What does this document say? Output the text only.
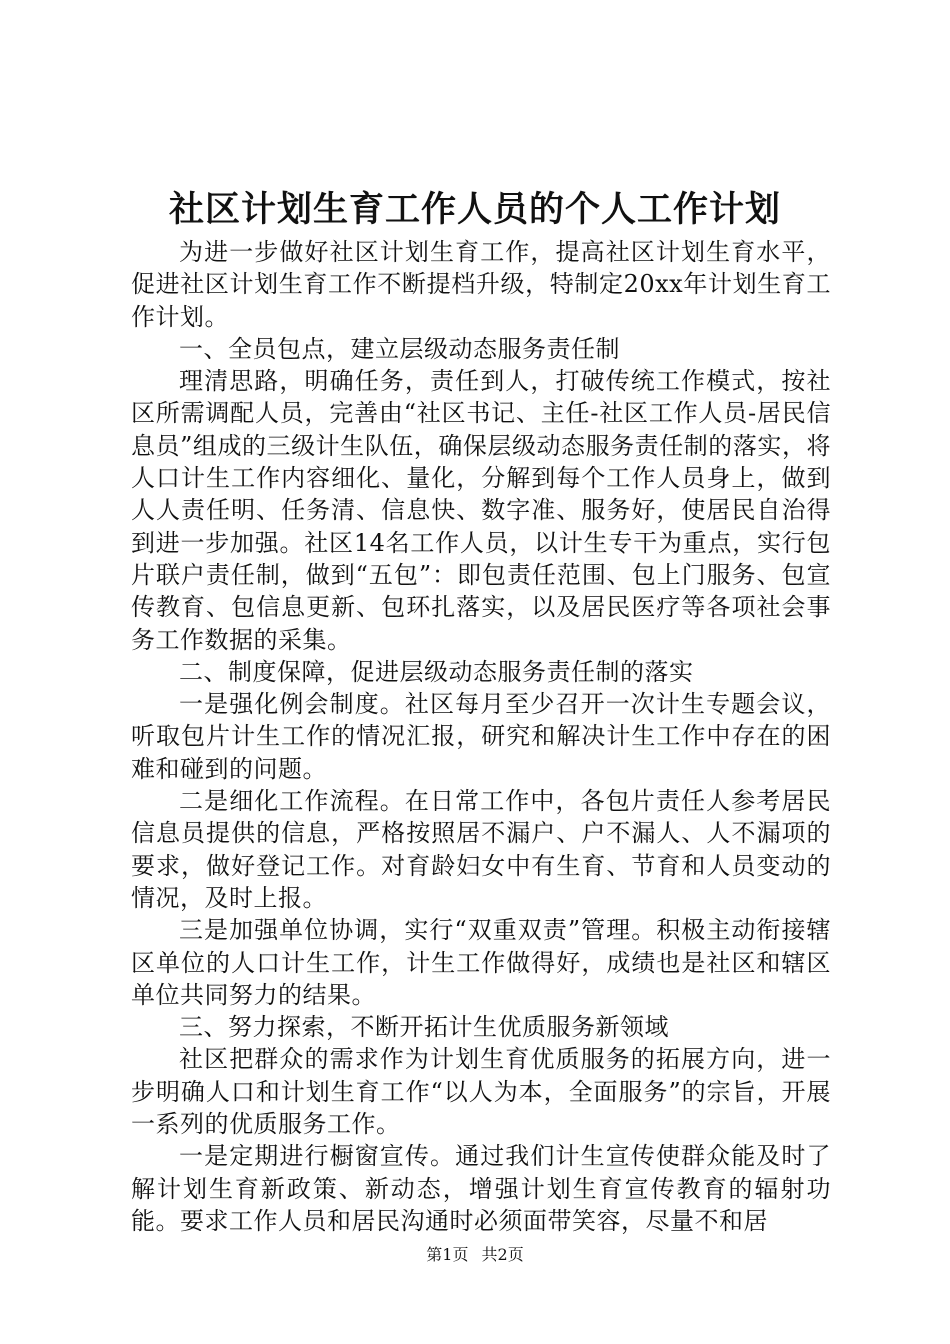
社区计划生育工作人员的个人工作计划

为进一步做好社区计划生育工作，提高社区计划生育水平，促进社区计划生育工作不断提档升级，特制定20xx年计划生育工作计划。

一、全员包点，建立层级动态服务责任制

理清思路，明确任务，责任到人，打破传统工作模式，按社区所需调配人员，完善由“社区书记、主任-社区工作人员-居民信息员”组成的三级计生队伍，确保层级动态服务责任制的落实，将人口计生工作内容细化、量化，分解到每个工作人员身上，做到人人责任明、任务清、信息快、数字准、服务好，使居民自治得到进一步加强。社区14名工作人员，以计生专干为重点，实行包片联户责任制，做到“五包”：即包责任范围、包上门服务、包宣传教育、包信息更新、包环扎落实，以及居民医疗等各项社会事务工作数据的采集。

二、制度保障，促进层级动态服务责任制的落实

一是强化例会制度。社区每月至少召开一次计生专题会议，听取包片计生工作的情况汇报，研究和解决计生工作中存在的困难和碰到的问题。

二是细化工作流程。在日常工作中，各包片责任人参考居民信息员提供的信息，严格按照居不漏户、户不漏人、人不漏项的要求，做好登记工作。对育龄妇女中有生育、节育和人员变动的情况，及时上报。

三是加强单位协调，实行“双重双责”管理。积极主动衔接辖区单位的人口计生工作，计生工作做得好，成绩也是社区和辖区单位共同努力的结果。

三、努力探索，不断开拓计生优质服务新领域

社区把群众的需求作为计划生育优质服务的拓展方向，进一步明确人口和计划生育工作“以人为本，全面服务”的宗旨，开展一系列的优质服务工作。

一是定期进行橱窗宣传。通过我们计生宣传使群众能及时了解计划生育新政策、新动态，增强计划生育宣传教育的辐射功能。要求工作人员和居民沟通时必须面带笑容，尽量不和居

第1页 共2页
